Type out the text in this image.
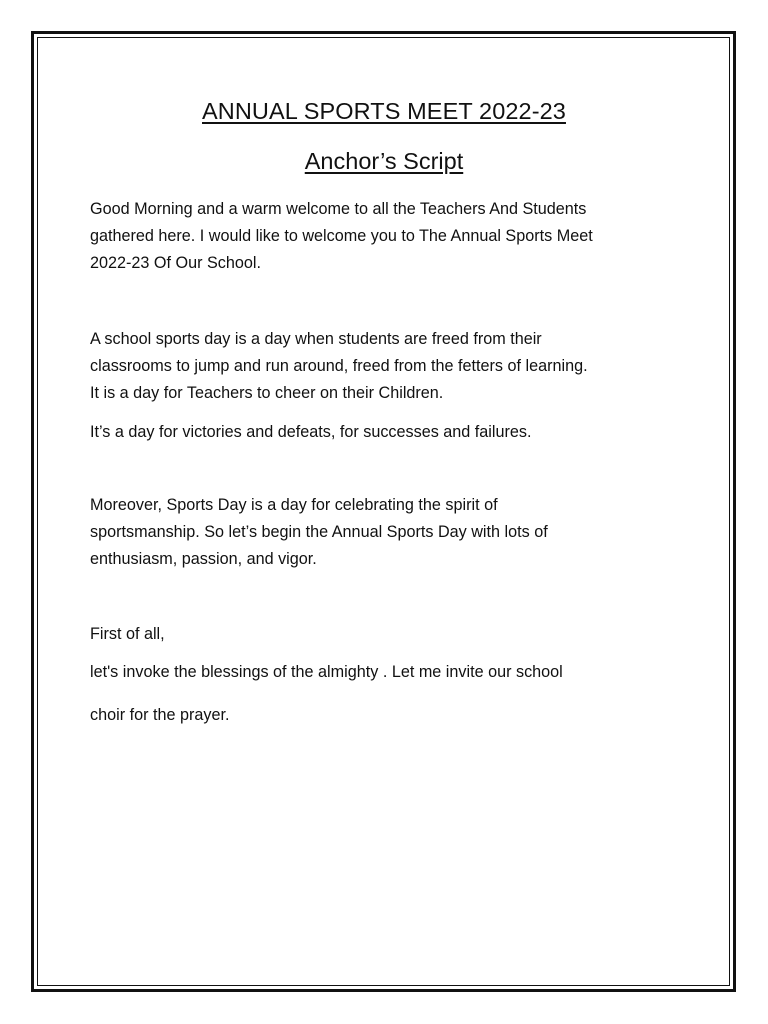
ANNUAL SPORTS MEET 2022-23
Anchor’s Script

Good Morning and a warm welcome to all the Teachers And Students
gathered here. I would like to welcome you to The Annual Sports Meet
2022-23 Of Our School.

A school sports day is a day when students are freed from their
classrooms to jump and run around, freed from the fetters of learning.
It is a day for Teachers to cheer on their Children.

It’s a day for victories and defeats, for successes and failures.

Moreover, Sports Day is a day for celebrating the spirit of
sportsmanship. So let’s begin the Annual Sports Day with lots of
enthusiasm, passion, and vigor.

First of all,

let's invoke the blessings of the almighty . Let me invite our school

choir for the prayer.
